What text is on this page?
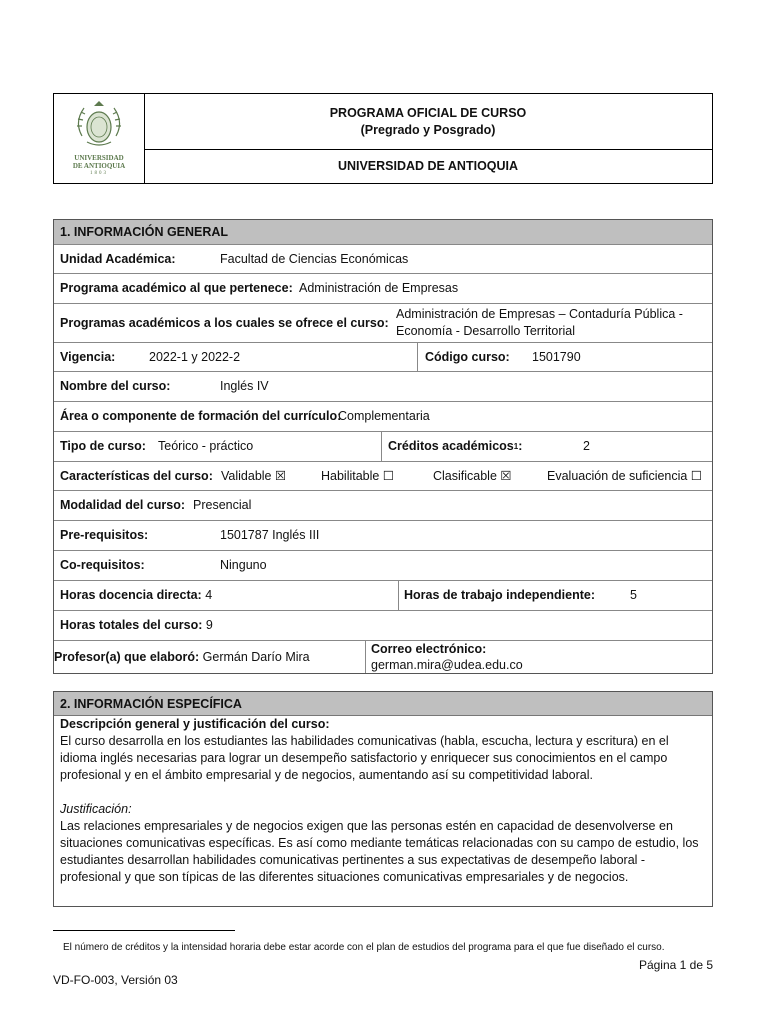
UNIVERSIDAD
DE ANTIOQUIA
1803
PROGRAMA OFICIAL DE CURSO
(Pregrado y Posgrado)
UNIVERSIDAD DE ANTIOQUIA
1. INFORMACIÓN GENERAL
Unidad Académica:	Facultad de Ciencias Económicas
Programa académico al que pertenece: Administración de Empresas
Programas académicos a los cuales se ofrece el curso:
Administración de Empresas – Contaduría Pública -
Economía - Desarrollo Territorial
Vigencia:	2022-1 y 2022-2	Código curso: 1501790
Nombre del curso:	Inglés IV
Área o componente de formación del currículo:
Complementaria
Tipo de curso: Teórico - práctico	Créditos académicos 1 :	2
Características del curso: Validable ☒	Habilitable ☐	Clasificable ☒	Evaluación de suficiencia ☐
Modalidad del curso: Presencial
Pre-requisitos:	1501787 Inglés III
Co-requisitos:	Ninguno
Horas docencia directa:
4	Horas de trabajo independiente:	5
Horas totales del curso:
9
Profesor(a) que elaboró:
Germán Darío Mira
Correo electrónico:
german.mira@udea.edu.co
2. INFORMACIÓN ESPECÍFICA

Descripción general y justificación del curso:

El curso desarrolla en los estudiantes las habilidades comunicativas (habla, escucha, lectura y escritura) en el idioma inglés necesarias para lograr un desempeño satisfactorio y enriquecer sus conocimientos en el campo profesional y en el ámbito empresarial y de negocios, aumentando así su competitividad laboral.

Justificación:

Las relaciones empresariales y de negocios exigen que las personas estén en capacidad de desenvolverse en situaciones comunicativas específicas. Es así como mediante temáticas relacionadas con su campo de estudio, los estudiantes desarrollan habilidades comunicativas pertinentes a sus expectativas de desempeño laboral - profesional y que son típicas de las diferentes situaciones comunicativas empresariales y de negocios.

El número de créditos y la intensidad horaria debe estar acorde con el plan de estudios del programa para el que fue diseñado el curso.
Página 1 de 5
VD-FO-003, Versión 03
